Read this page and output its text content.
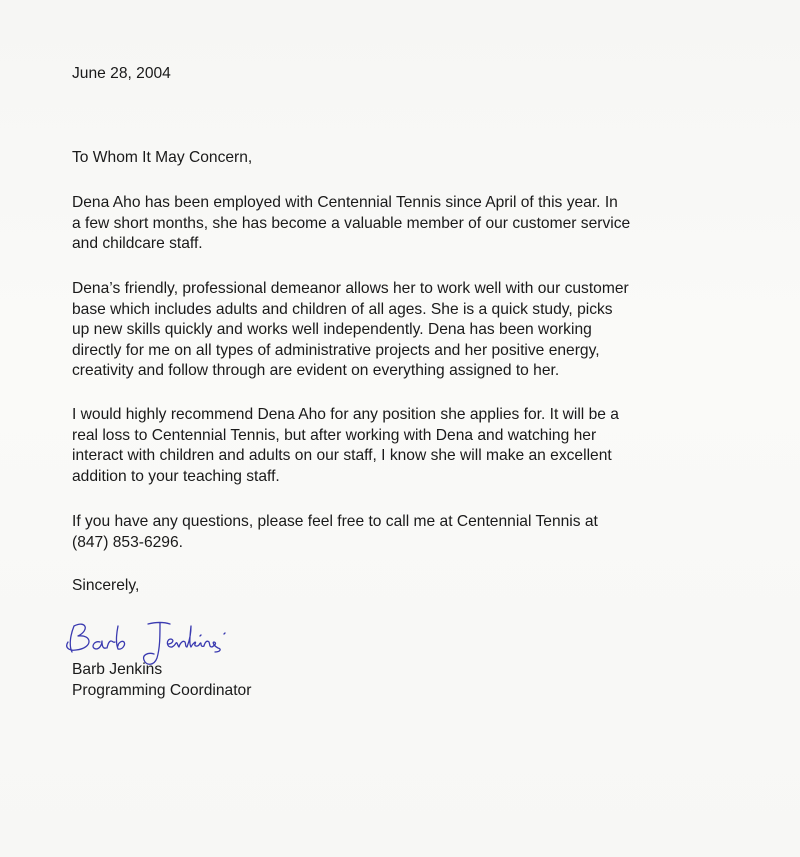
June 28, 2004

To Whom It May Concern,

Dena Aho has been employed with Centennial Tennis since April of this year. In
a few short months, she has become a valuable member of our customer service
and childcare staff.
Dena’s friendly, professional demeanor allows her to work well with our customer
base which includes adults and children of all ages. She is a quick study, picks
up new skills quickly and works well independently. Dena has been working
directly for me on all types of administrative projects and her positive energy,
creativity and follow through are evident on everything assigned to her.
I would highly recommend Dena Aho for any position she applies for. It will be a
real loss to Centennial Tennis, but after working with Dena and watching her
interact with children and adults on our staff, I know she will make an excellent
addition to your teaching staff.
If you have any questions, please feel free to call me at Centennial Tennis at
(847) 853-6296.

Sincerely,

Barb Jenkins

Programming Coordinator
